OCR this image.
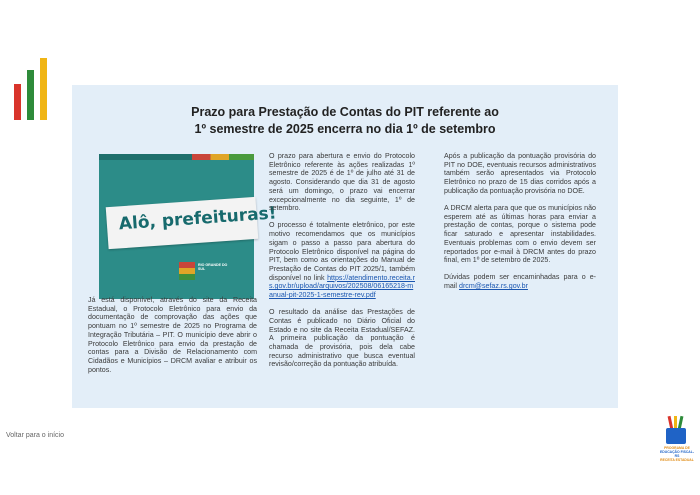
Prazo para Prestação de Contas do PIT referente ao
1º semestre de 2025 encerra no dia 1º de setembro
Alô, prefeituras!
RIO GRANDE DO SUL

Já está disponível, através do site da Receita Estadual, o Protocolo Eletrônico para envio da documentação de comprovação das ações que pontuam no 1º semestre de 2025 no Programa de Integração Tributária – PIT. O município deve abrir o Protocolo Eletrônico para envio da prestação de contas para a Divisão de Relacionamento com Cidadãos e Municípios – DRCM avaliar e atribuir os pontos.

O prazo para abertura e envio do Protocolo Eletrônico referente às ações realizadas 1º semestre de 2025 é de 1º de julho até 31 de agosto. Considerando que dia 31 de agosto será um domingo, o prazo vai encerrar excepcionalmente no dia seguinte, 1º de setembro.

O processo é totalmente eletrônico, por este motivo recomendamos que os municípios sigam o passo a passo para abertura do Protocolo Eletrônico disponível na página do PIT, bem como as orientações do Manual de Prestação de Contas do PIT 2025/1, também disponível no link https://atendimento.receita.rs.gov.br/upload/arquivos/202508/06165218-manual-pit-2025-1-semestre-rev.pdf

O resultado da análise das Prestações de Contas é publicado no Diário Oficial do Estado e no site da Receita Estadual/SEFAZ. A primeira publicação da pontuação é chamada de provisória, pois dela cabe recurso administrativo que busca eventual revisão/correção da pontuação atribuída.

Após a publicação da pontuação provisória do PIT no DOE, eventuais recursos administrativos também serão apresentados via Protocolo Eletrônico no prazo de 15 dias corridos após a publicação da pontuação provisória no DOE.

A DRCM alerta para que que os municípios não esperem até as últimas horas para enviar a prestação de contas, porque o sistema pode ficar saturado e apresentar instabilidades. Eventuais problemas com o envio devem ser reportados por e-mail à DRCM antes do prazo final, em 1º de setembro de 2025.

Dúvidas podem ser encaminhadas para o e-mail drcm@sefaz.rs.gov.br

Voltar para o início
PROGRAMA DE
EDUCAÇÃO FISCAL-RS
RECEITA ESTADUAL
